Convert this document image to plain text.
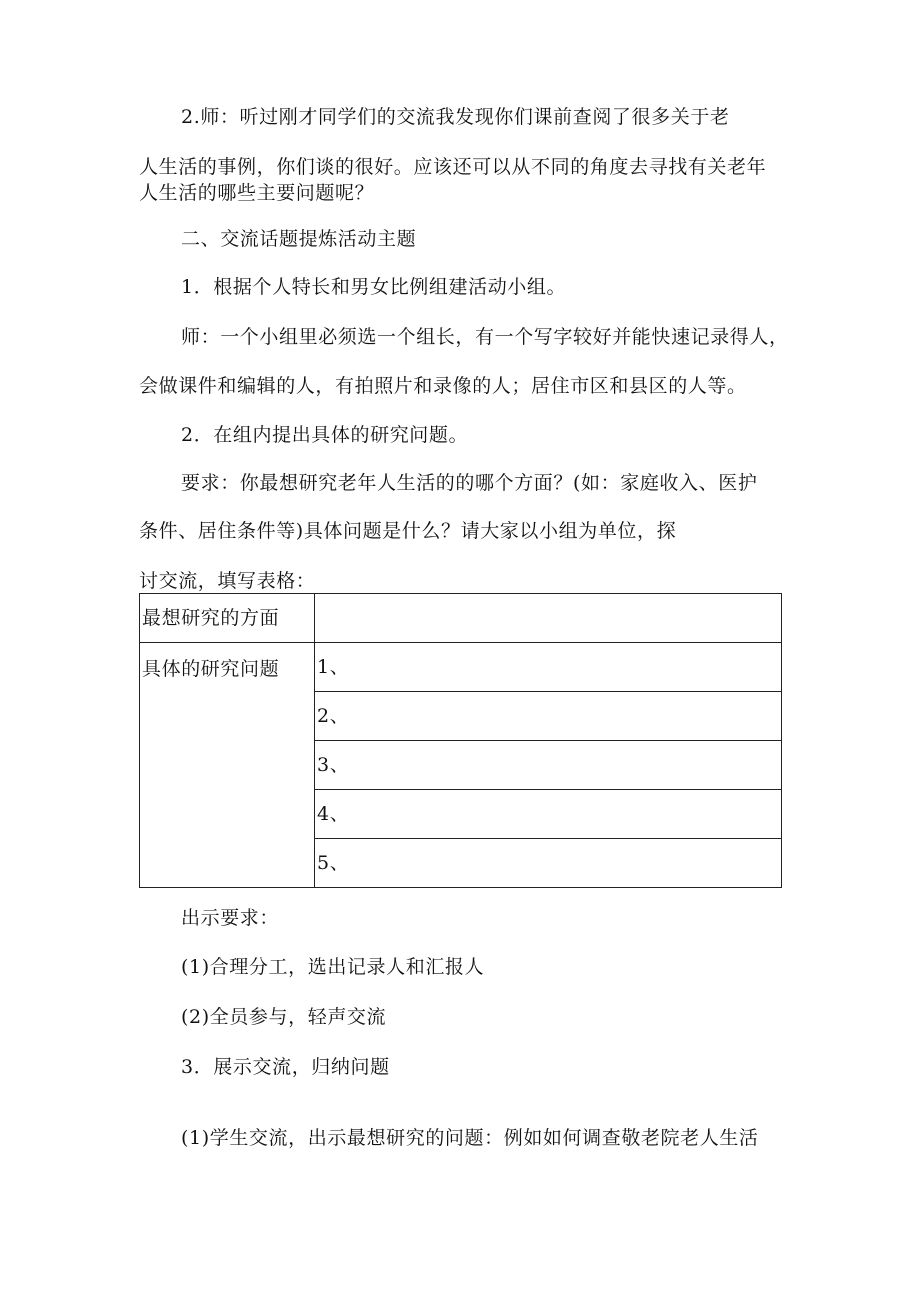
2.师：听过刚才同学们的交流我发现你们课前查阅了很多关于老
人生活的事例，你们谈的很好。应该还可以从不同的角度去寻找有关老年
人生活的哪些主要问题呢？
二、交流话题提炼活动主题
1．根据个人特长和男女比例组建活动小组。
师：一个小组里必须选一个组长，有一个写字较好并能快速记录得人，
会做课件和编辑的人，有拍照片和录像的人；居住市区和县区的人等。
2．在组内提出具体的研究问题。
要求：你最想研究老年人生活的的哪个方面？(如：家庭收入、医护
条件、居住条件等)具体问题是什么？请大家以小组为单位，探
讨交流，填写表格：
最想研究的方面	
具体的研究问题	1、
	2、
	3、
	4、
	5、
出示要求：
(1)合理分工，选出记录人和汇报人
(2)全员参与，轻声交流
3．展示交流，归纳问题
(1)学生交流，出示最想研究的问题：例如如何调查敬老院老人生活
